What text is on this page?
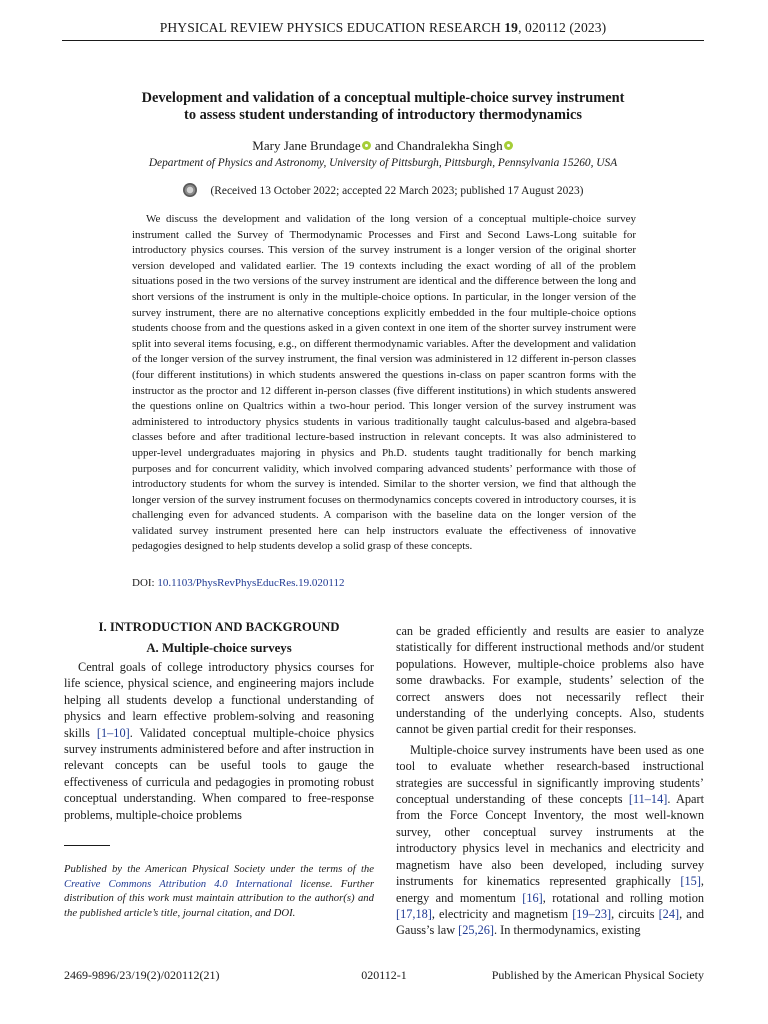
PHYSICAL REVIEW PHYSICS EDUCATION RESEARCH 19, 020112 (2023)
Development and validation of a conceptual multiple-choice survey instrument
to assess student understanding of introductory thermodynamics
Mary Jane Brundage and Chandralekha Singh
Department of Physics and Astronomy, University of Pittsburgh, Pittsburgh, Pennsylvania 15260, USA
(Received 13 October 2022; accepted 22 March 2023; published 17 August 2023)

We discuss the development and validation of the long version of a conceptual multiple-choice survey instrument called the Survey of Thermodynamic Processes and First and Second Laws-Long suitable for introductory physics courses. This version of the survey instrument is a longer version of the original shorter version developed and validated earlier. The 19 contexts including the exact wording of all of the problem situations posed in the two versions of the survey instrument are identical and the difference between the long and short versions of the instrument is only in the multiple-choice options. In particular, in the longer version of the survey instrument, there are no alternative conceptions explicitly embedded in the four multiple-choice options students choose from and the questions asked in a given context in one item of the shorter survey instrument were split into several items focusing, e.g., on different thermodynamic variables. After the development and validation of the longer version of the survey instrument, the final version was administered in 12 different in-person classes (four different institutions) in which students answered the questions in-class on paper scantron forms with the instructor as the proctor and 12 different in-person classes (five different institutions) in which students answered the questions online on Qualtrics within a two-hour period. This longer version of the survey instrument was administered to introductory physics students in various traditionally taught calculus-based and algebra-based classes before and after traditional lecture-based instruction in relevant concepts. It was also administered to upper-level undergraduates majoring in physics and Ph.D. students taught traditionally for bench marking purposes and for concurrent validity, which involved comparing advanced students’ performance with those of introductory students for whom the survey is intended. Similar to the shorter version, we find that although the longer version of the survey instrument focuses on thermodynamics concepts covered in introductory courses, it is challenging even for advanced students. A comparison with the baseline data on the longer version of the validated survey instrument presented here can help instructors evaluate the effectiveness of innovative pedagogies designed to help students develop a solid grasp of these concepts.

DOI: 10.1103/PhysRevPhysEducRes.19.020112
I. INTRODUCTION AND BACKGROUND
A. Multiple-choice surveys

Central goals of college introductory physics courses for life science, physical science, and engineering majors include helping all students develop a functional understanding of physics and learn effective problem-solving and reasoning skills [1–10]. Validated conceptual multiple-choice physics survey instruments administered before and after instruction in relevant concepts can be useful tools to gauge the effectiveness of curricula and pedagogies in promoting robust conceptual understanding. When compared to free-response problems, multiple-choice problems

can be graded efficiently and results are easier to analyze statistically for different instructional methods and/or student populations. However, multiple-choice problems also have some drawbacks. For example, students’ selection of the correct answers does not necessarily reflect their understanding of the underlying concepts. Also, students cannot be given partial credit for their responses.

Multiple-choice survey instruments have been used as one tool to evaluate whether research-based instructional strategies are successful in significantly improving students’ conceptual understanding of these concepts [11–14]. Apart from the Force Concept Inventory, the most well-known survey, other conceptual survey instruments at the introductory physics level in mechanics and electricity and magnetism have also been developed, including survey instruments for kinematics represented graphically [15], energy and momentum [16], rotational and rolling motion [17,18], electricity and magnetism [19–23], circuits [24], and Gauss’s law [25,26]. In thermodynamics, existing

Published by the American Physical Society under the terms of the Creative Commons Attribution 4.0 International license. Further distribution of this work must maintain attribution to the author(s) and the published article’s title, journal citation, and DOI.

2469-9896/23/19(2)/020112(21)	020112-1	Published by the American Physical Society
